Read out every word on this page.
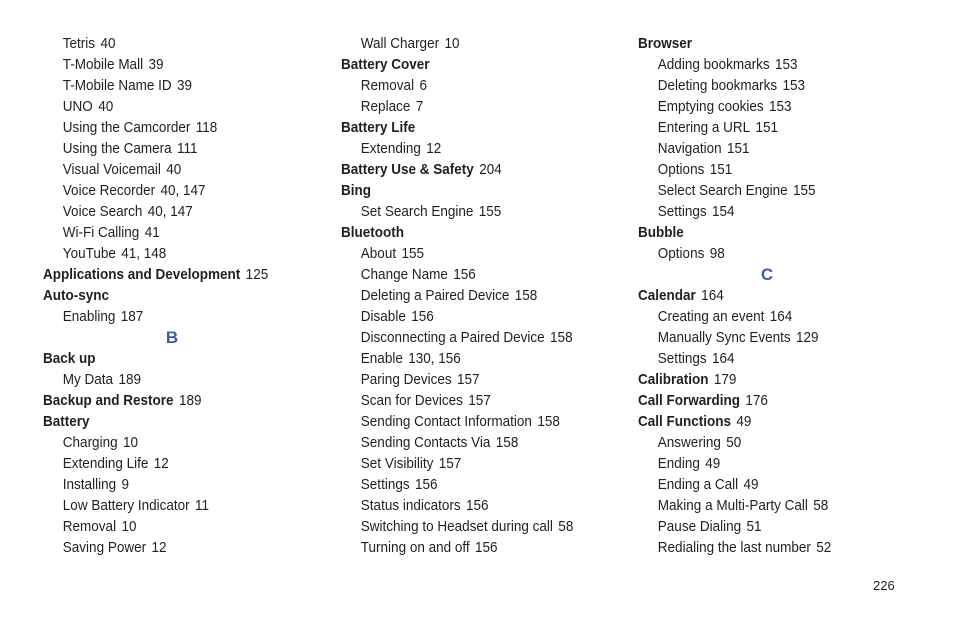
Tetris 40
T-Mobile Mall 39
T-Mobile Name ID 39
UNO 40
Using the Camcorder 118
Using the Camera 111
Visual Voicemail 40
Voice Recorder 40, 147
Voice Search 40, 147
Wi-Fi Calling 41
YouTube 41, 148
Applications and Development 125
Auto-sync
Enabling 187
B
Back up
My Data 189
Backup and Restore 189
Battery
Charging 10
Extending Life 12
Installing 9
Low Battery Indicator 11
Removal 10
Saving Power 12
Wall Charger 10
Battery Cover
Removal 6
Replace 7
Battery Life
Extending 12
Battery Use & Safety 204
Bing
Set Search Engine 155
Bluetooth
About 155
Change Name 156
Deleting a Paired Device 158
Disable 156
Disconnecting a Paired Device 158
Enable 130, 156
Paring Devices 157
Scan for Devices 157
Sending Contact Information 158
Sending Contacts Via 158
Set Visibility 157
Settings 156
Status indicators 156
Switching to Headset during call 58
Turning on and off 156
Browser
Adding bookmarks 153
Deleting bookmarks 153
Emptying cookies 153
Entering a URL 151
Navigation 151
Options 151
Select Search Engine 155
Settings 154
Bubble
Options 98
C
Calendar 164
Creating an event 164
Manually Sync Events 129
Settings 164
Calibration 179
Call Forwarding 176
Call Functions 49
Answering 50
Ending 49
Ending a Call 49
Making a Multi-Party Call 58
Pause Dialing 51
Redialing the last number 52
226
